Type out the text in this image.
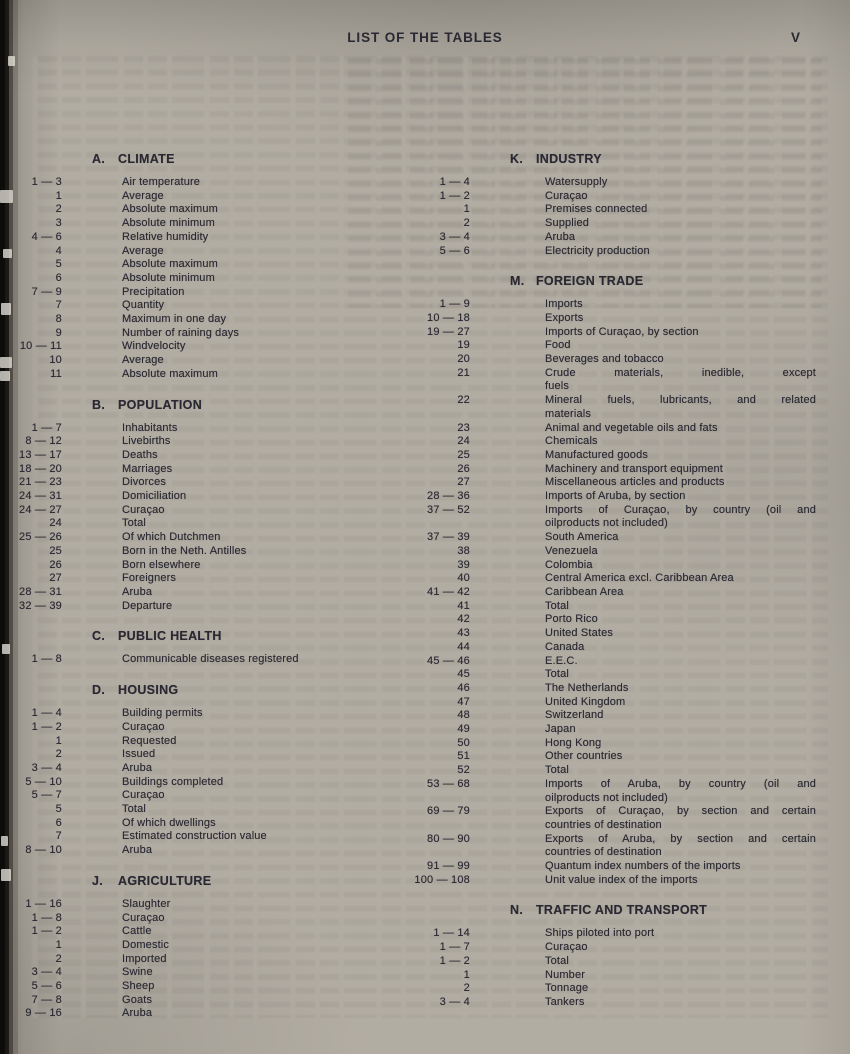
LIST OF THE TABLES	V
A. CLIMATE
1 — 3	Air temperature
1	Average
2	Absolute maximum
3	Absolute minimum
4 — 6	Relative humidity
4	Average
5	Absolute maximum
6	Absolute minimum
7 — 9	Precipitation
7	Quantity
8	Maximum in one day
9	Number of raining days
10 — 11	Windvelocity
10	Average
11	Absolute maximum
B. POPULATION
1 — 7	Inhabitants
8 — 12	Livebirths
13 — 17	Deaths
18 — 20	Marriages
21 — 23	Divorces
24 — 31	Domiciliation
24 — 27	Curaçao
24	Total
25 — 26	Of which Dutchmen
25	Born in the Neth. Antilles
26	Born elsewhere
27	Foreigners
28 — 31	Aruba
32 — 39	Departure
C. PUBLIC HEALTH
1 — 8	Communicable diseases registered
D. HOUSING
1 — 4	Building permits
1 — 2	Curaçao
1	Requested
2	Issued
3 — 4	Aruba
5 — 10	Buildings completed
5 — 7	Curaçao
5	Total
6	Of which dwellings
7	Estimated construction value
8 — 10	Aruba
J. AGRICULTURE
1 — 16	Slaughter
1 — 8	Curaçao
1 — 2	Cattle
1	Domestic
2	Imported
3 — 4	Swine
5 — 6	Sheep
7 — 8	Goats
9 — 16	Aruba
K. INDUSTRY
1 — 4	Watersupply
1 — 2	Curaçao
1	Premises connected
2	Supplied
3 — 4	Aruba
5 — 6	Electricity production
M. FOREIGN TRADE
1 — 9	Imports
10 — 18	Exports
19 — 27	Imports of Curaçao, by section
19	Food
20	Beverages and tobacco
21	Crude materials, inedible, except
fuels
22	Mineral fuels, lubricants, and related
materials
23	Animal and vegetable oils and fats
24	Chemicals
25	Manufactured goods
26	Machinery and transport equipment
27	Miscellaneous articles and products
28 — 36	Imports of Aruba, by section
37 — 52	Imports of Curaçao, by country (oil and
oilproducts not included)
37 — 39	South America
38	Venezuela
39	Colombia
40	Central America excl. Caribbean Area
41 — 42	Caribbean Area
41	Total
42	Porto Rico
43	United States
44	Canada
45 — 46	E.E.C.
45	Total
46	The Netherlands
47	United Kingdom
48	Switzerland
49	Japan
50	Hong Kong
51	Other countries
52	Total
53 — 68	Imports of Aruba, by country (oil and
oilproducts not included)
69 — 79	Exports of Curaçao, by section and certain
countries of destination
80 — 90	Exports of Aruba, by section and certain
countries of destination
91 — 99	Quantum index numbers of the imports
100 — 108	Unit value index of the imports
N. TRAFFIC AND TRANSPORT
1 — 14	Ships piloted into port
1 — 7	Curaçao
1 — 2	Total
1	Number
2	Tonnage
3 — 4	Tankers
